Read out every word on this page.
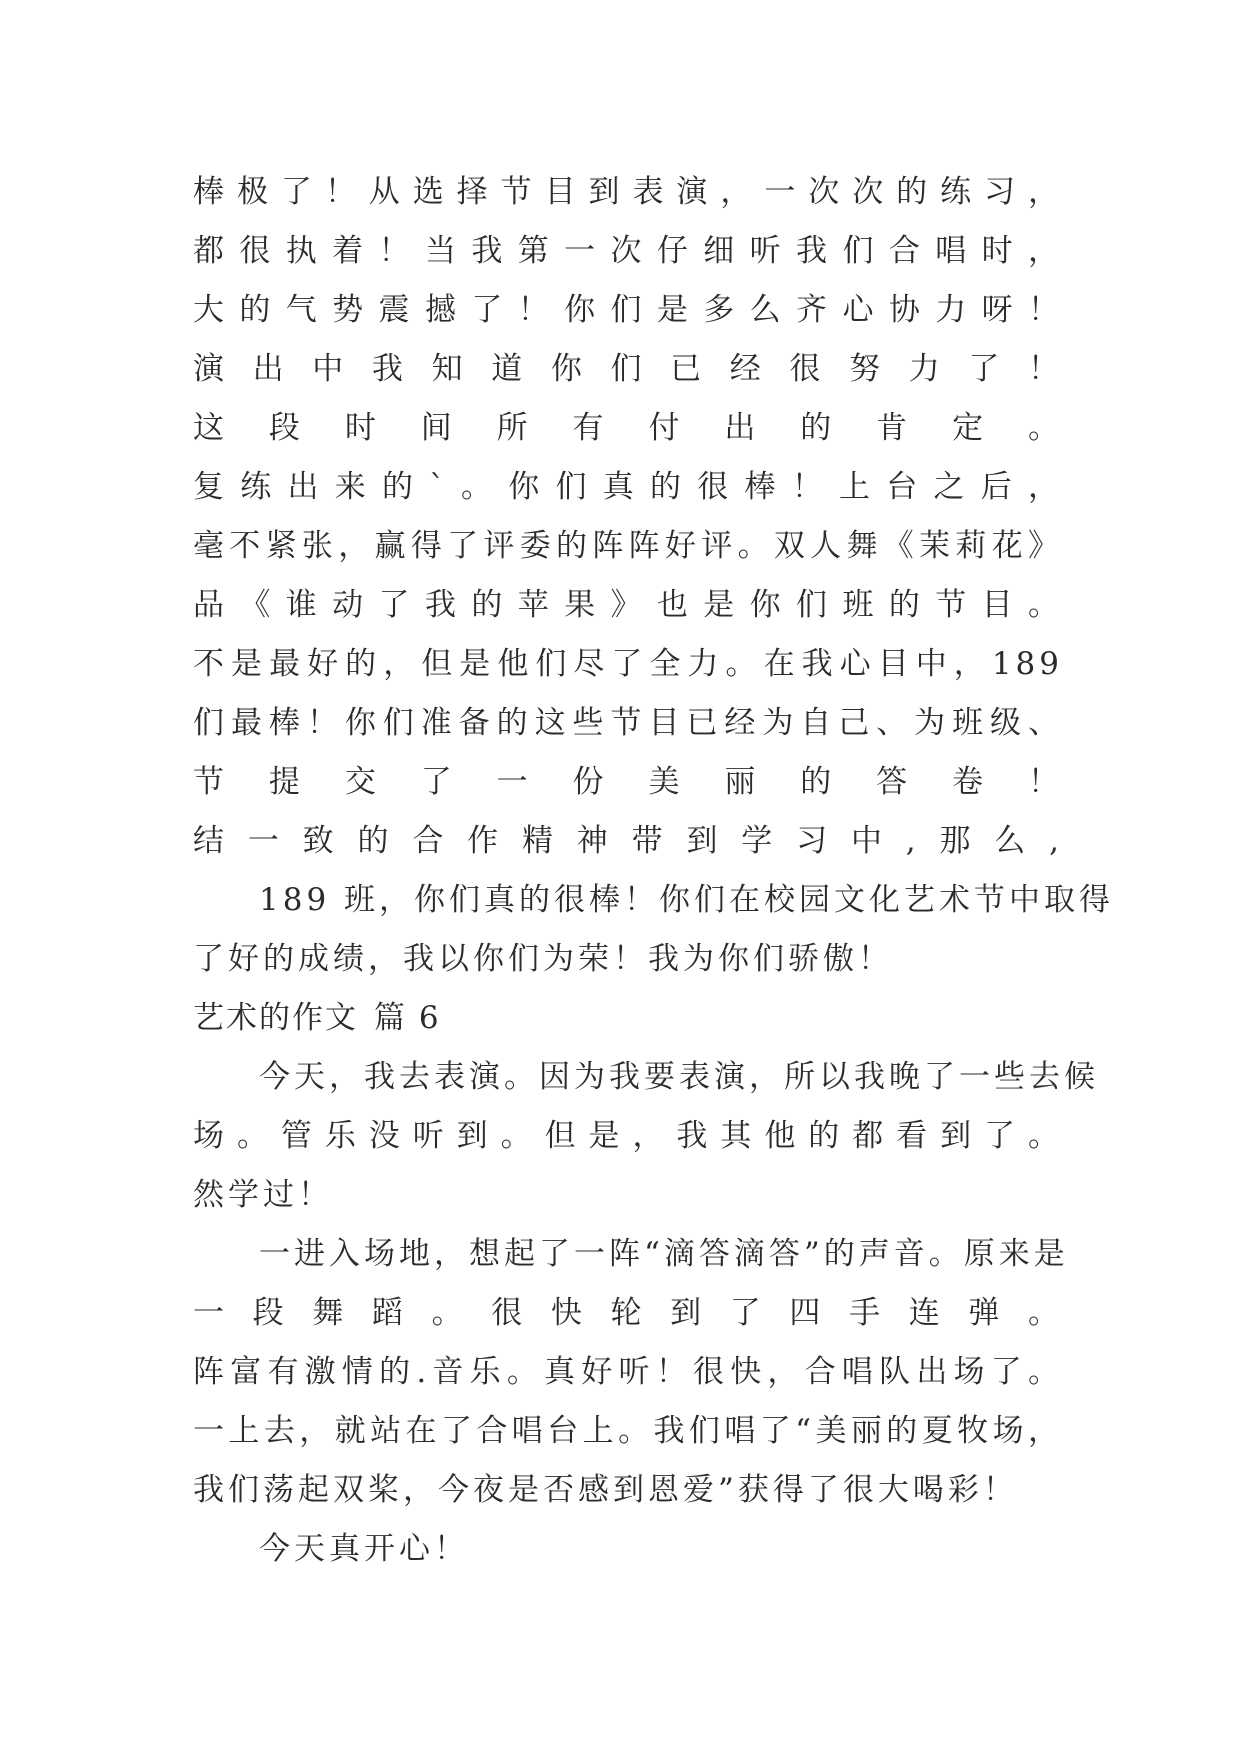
棒极了！从选择节目到表演，一次次的练习，
都很执着！当我第一次仔细听我们合唱时，
大的气势震撼了！你们是多么齐心协力呀！
演出中我知道你们已经很努力了！
这段时间所有付出的肯定。
复练出来的`。你们真的很棒！上台之后，
毫不紧张，赢得了评委的阵阵好评。双人舞《茉莉花》
品《谁动了我的苹果》也是你们班的节目。
不是最好的，但是他们尽了全力。在我心目中，189
们最棒！你们准备的这些节目已经为自己、为班级、
节提交了一份美丽的答卷！
结一致的合作精神带到学习中,那么,
189 班，你们真的很棒！你们在校园文化艺术节中取得
了好的成绩，我以你们为荣！我为你们骄傲！
艺术的作文 篇 6
今天，我去表演。因为我要表演，所以我晚了一些去候
场。管乐没听到。但是，我其他的都看到了。
然学过！
一进入场地，想起了一阵“滴答滴答”的声音。原来是
一段舞蹈。很快轮到了四手连弹。
阵富有激情的.音乐。真好听！很快，合唱队出场了。
一上去，就站在了合唱台上。我们唱了“美丽的夏牧场，
我们荡起双桨，今夜是否感到恩爱”获得了很大喝彩！
今天真开心！
